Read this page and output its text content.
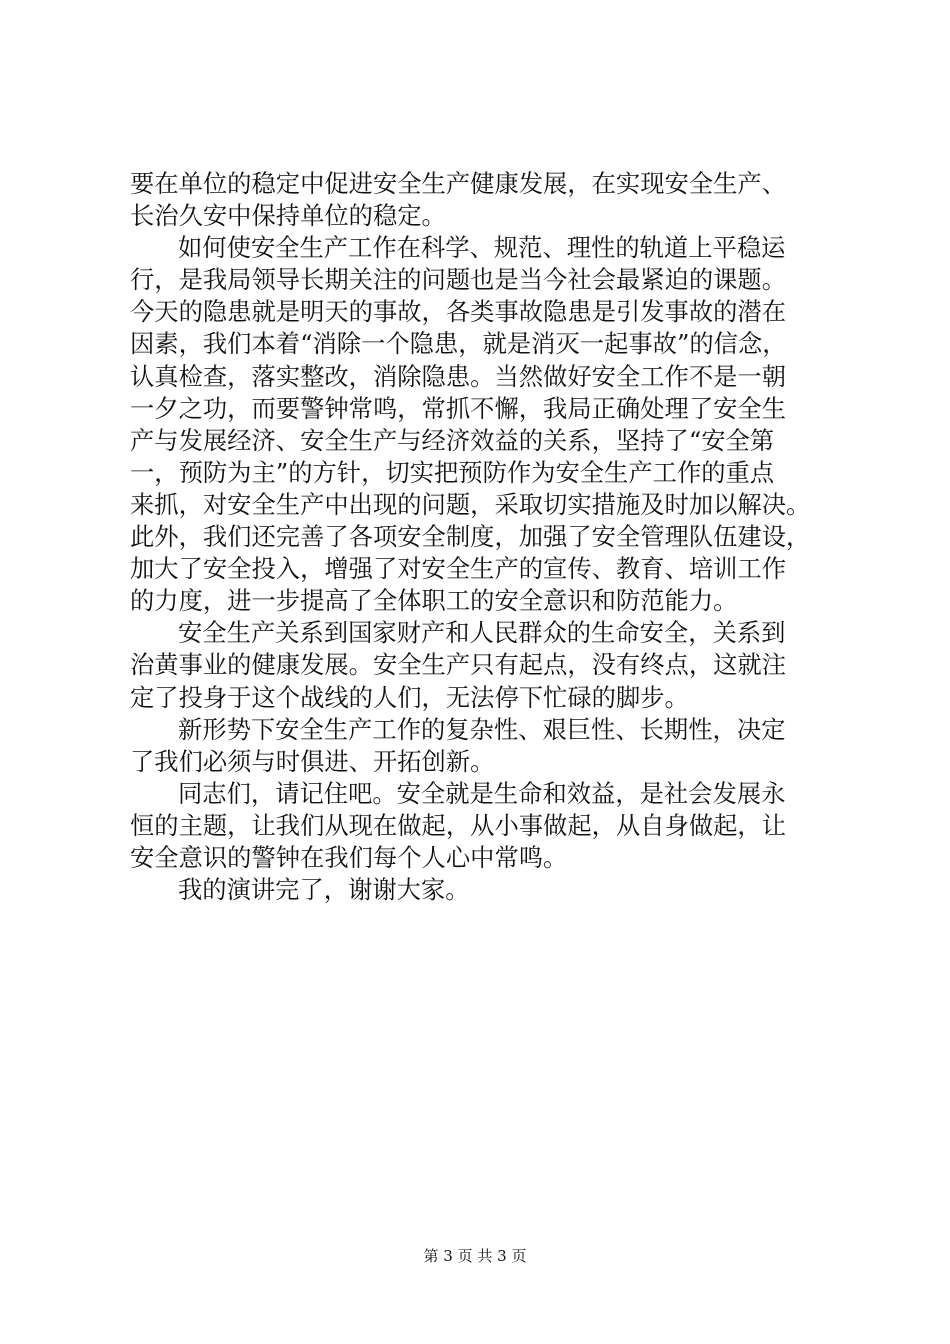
要在单位的稳定中促进安全生产健康发展，在实现安全生产、
长治久安中保持单位的稳定。
如何使安全生产工作在科学、规范、理性的轨道上平稳运
行，是我局领导长期关注的问题也是当今社会最紧迫的课题。
今天的隐患就是明天的事故，各类事故隐患是引发事故的潜在
因素，我们本着“消除一个隐患，就是消灭一起事故”的信念，
认真检查，落实整改，消除隐患。当然做好安全工作不是一朝
一夕之功，而要警钟常鸣，常抓不懈，我局正确处理了安全生
产与发展经济、安全生产与经济效益的关系，坚持了“安全第
一，预防为主”的方针，切实把预防作为安全生产工作的重点
来抓，对安全生产中出现的问题，采取切实措施及时加以解决。
此外，我们还完善了各项安全制度，加强了安全管理队伍建设，
加大了安全投入，增强了对安全生产的宣传、教育、培训工作
的力度，进一步提高了全体职工的安全意识和防范能力。
安全生产关系到国家财产和人民群众的生命安全，关系到
治黄事业的健康发展。安全生产只有起点，没有终点，这就注
定了投身于这个战线的人们，无法停下忙碌的脚步。
新形势下安全生产工作的复杂性、艰巨性、长期性，决定
了我们必须与时俱进、开拓创新。
同志们，请记住吧。安全就是生命和效益，是社会发展永
恒的主题，让我们从现在做起，从小事做起，从自身做起，让
安全意识的警钟在我们每个人心中常鸣。
我的演讲完了，谢谢大家。
第 3 页 共 3 页
